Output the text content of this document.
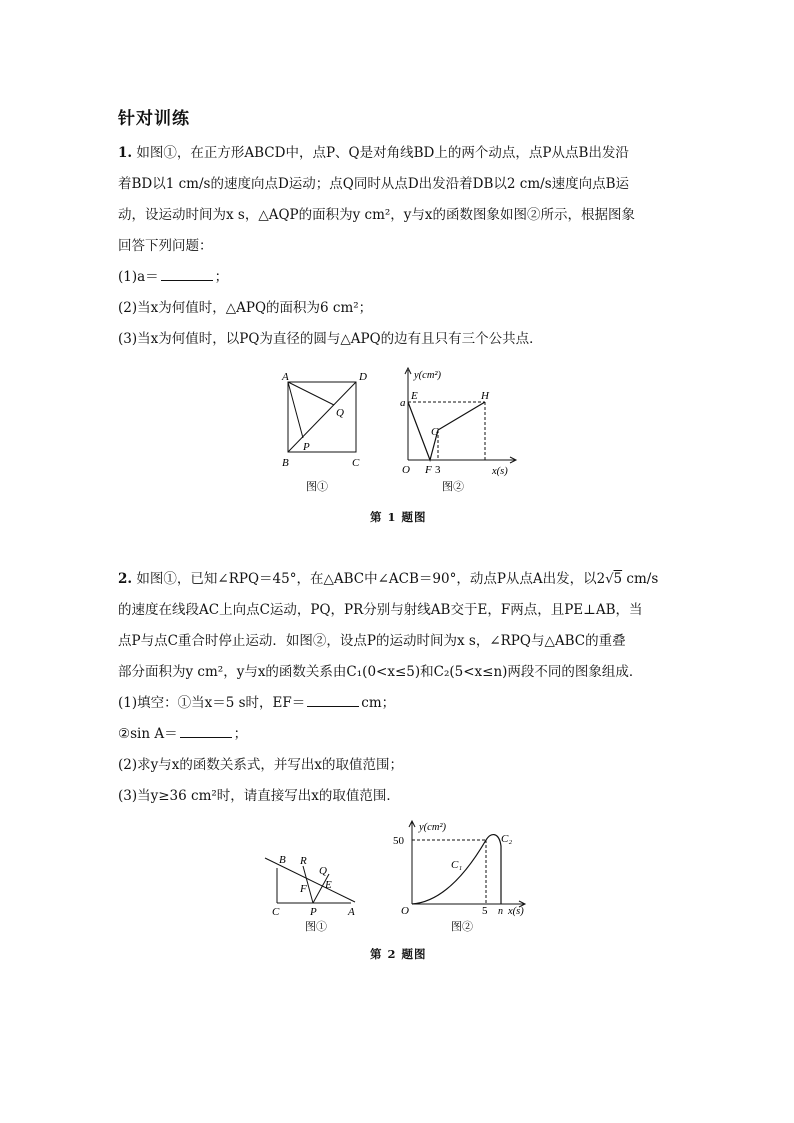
针对训练
1. 如图①，在正方形ABCD中，点P、Q是对角线BD上的两个动点，点P从点B出发沿
着BD以1 cm/s的速度向点D运动；点Q同时从点D出发沿着DB以2 cm/s速度向点B运
动，设运动时间为x s，△AQP的面积为y cm²，y与x的函数图象如图②所示，根据图象
回答下列问题：
(1)a＝	；
(2)当x为何值时，△APQ的面积为6 cm²；
(3)当x为何值时，以PQ为直径的圆与△APQ的边有且只有三个公共点．
A	D
B	C
P
Q
图①
y(cm²)
a
E	H
G
O F 3	x(s)
图②
第 1 题图
2. 如图①，已知∠RPQ＝45°，在△ABC中∠ACB＝90°，动点P从点A出发，以2√5 cm/s
的速度在线段AC上向点C运动，PQ，PR分别与射线AB交于E，F两点，且PE⊥AB，当
点P与点C重合时停止运动．如图②，设点P的运动时间为x s，∠RPQ与△ABC的重叠
部分面积为y cm²，y与x的函数关系由C₁(0<x≤5)和C₂(5<x≤n)两段不同的图象组成．
(1)填空：①当x＝5 s时，EF＝	cm；
②sin A＝	；
(2)求y与x的函数关系式，并写出x的取值范围；
(3)当y≥36 cm²时，请直接写出x的取值范围．
B R
Q
E
F
C	P	A
图①
y(cm²)
50	C₂
C₁
O	5 n x(s)
图②
第 2 题图
